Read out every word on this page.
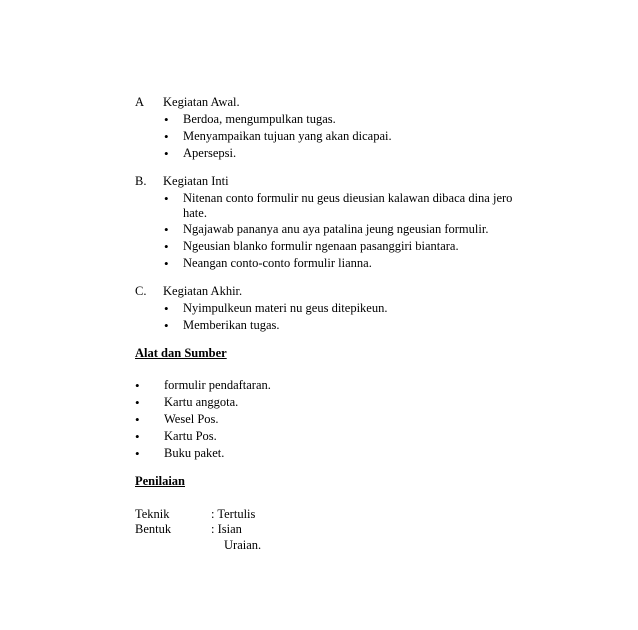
A Kegiatan Awal.
• Berdoa, mengumpulkan tugas.
• Menyampaikan tujuan yang akan dicapai.
• Apersepsi.
B. Kegiatan Inti
• Nitenan conto formulir nu geus dieusian kalawan dibaca dina jero
hate.
• Ngajawab pananya anu aya patalina jeung ngeusian formulir.
• Ngeusian blanko formulir ngenaan pasanggiri biantara.
• Neangan conto-conto formulir lianna.
C. Kegiatan Akhir.
• Nyimpulkeun materi nu geus ditepikeun.
• Memberikan tugas.
Alat dan Sumber
• formulir pendaftaran.
• Kartu anggota.
• Wesel Pos.
• Kartu Pos.
• Buku paket.
Penilaian
Teknik	: Tertulis
Bentuk	: Isian
Uraian.
